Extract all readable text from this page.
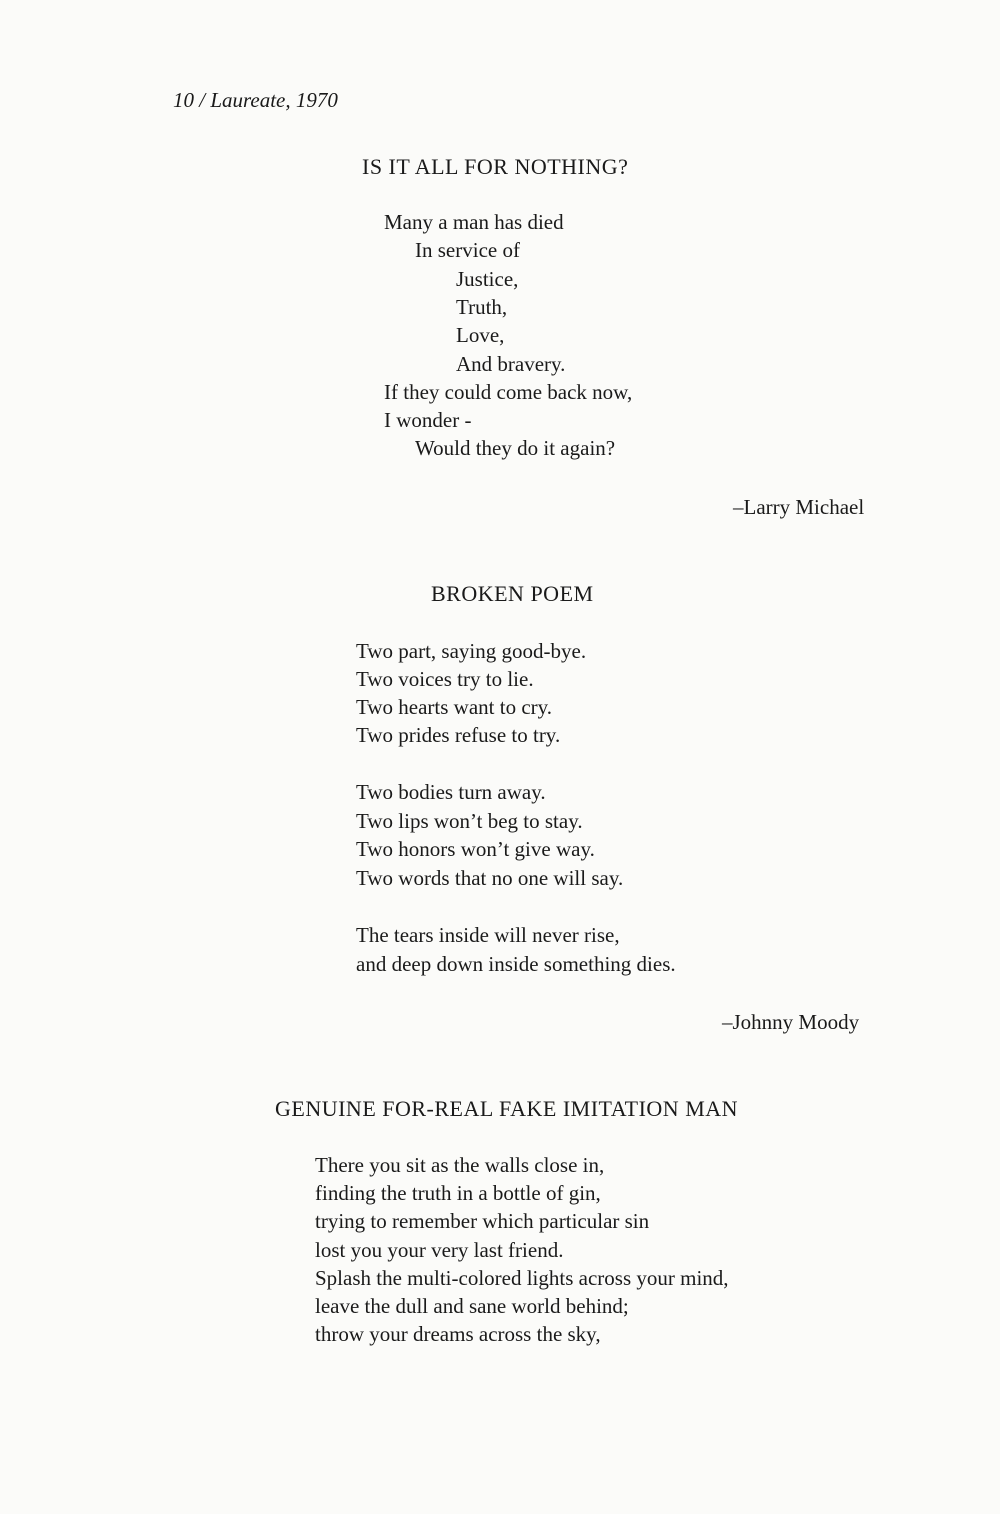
10 / Laureate, 1970
IS IT ALL FOR NOTHING?
Many a man has died
In service of
Justice,
Truth,
Love,
And bravery.
If they could come back now,
I wonder -
Would they do it again?
–Larry Michael
BROKEN POEM
Two part, saying good-bye.
Two voices try to lie.
Two hearts want to cry.
Two prides refuse to try.
Two bodies turn away.
Two lips won’t beg to stay.
Two honors won’t give way.
Two words that no one will say.
The tears inside will never rise,
and deep down inside something dies.
–Johnny Moody
GENUINE FOR-REAL FAKE IMITATION MAN
There you sit as the walls close in,
finding the truth in a bottle of gin,
trying to remember which particular sin
lost you your very last friend.
Splash the multi-colored lights across your mind,
leave the dull and sane world behind;
throw your dreams across the sky,
